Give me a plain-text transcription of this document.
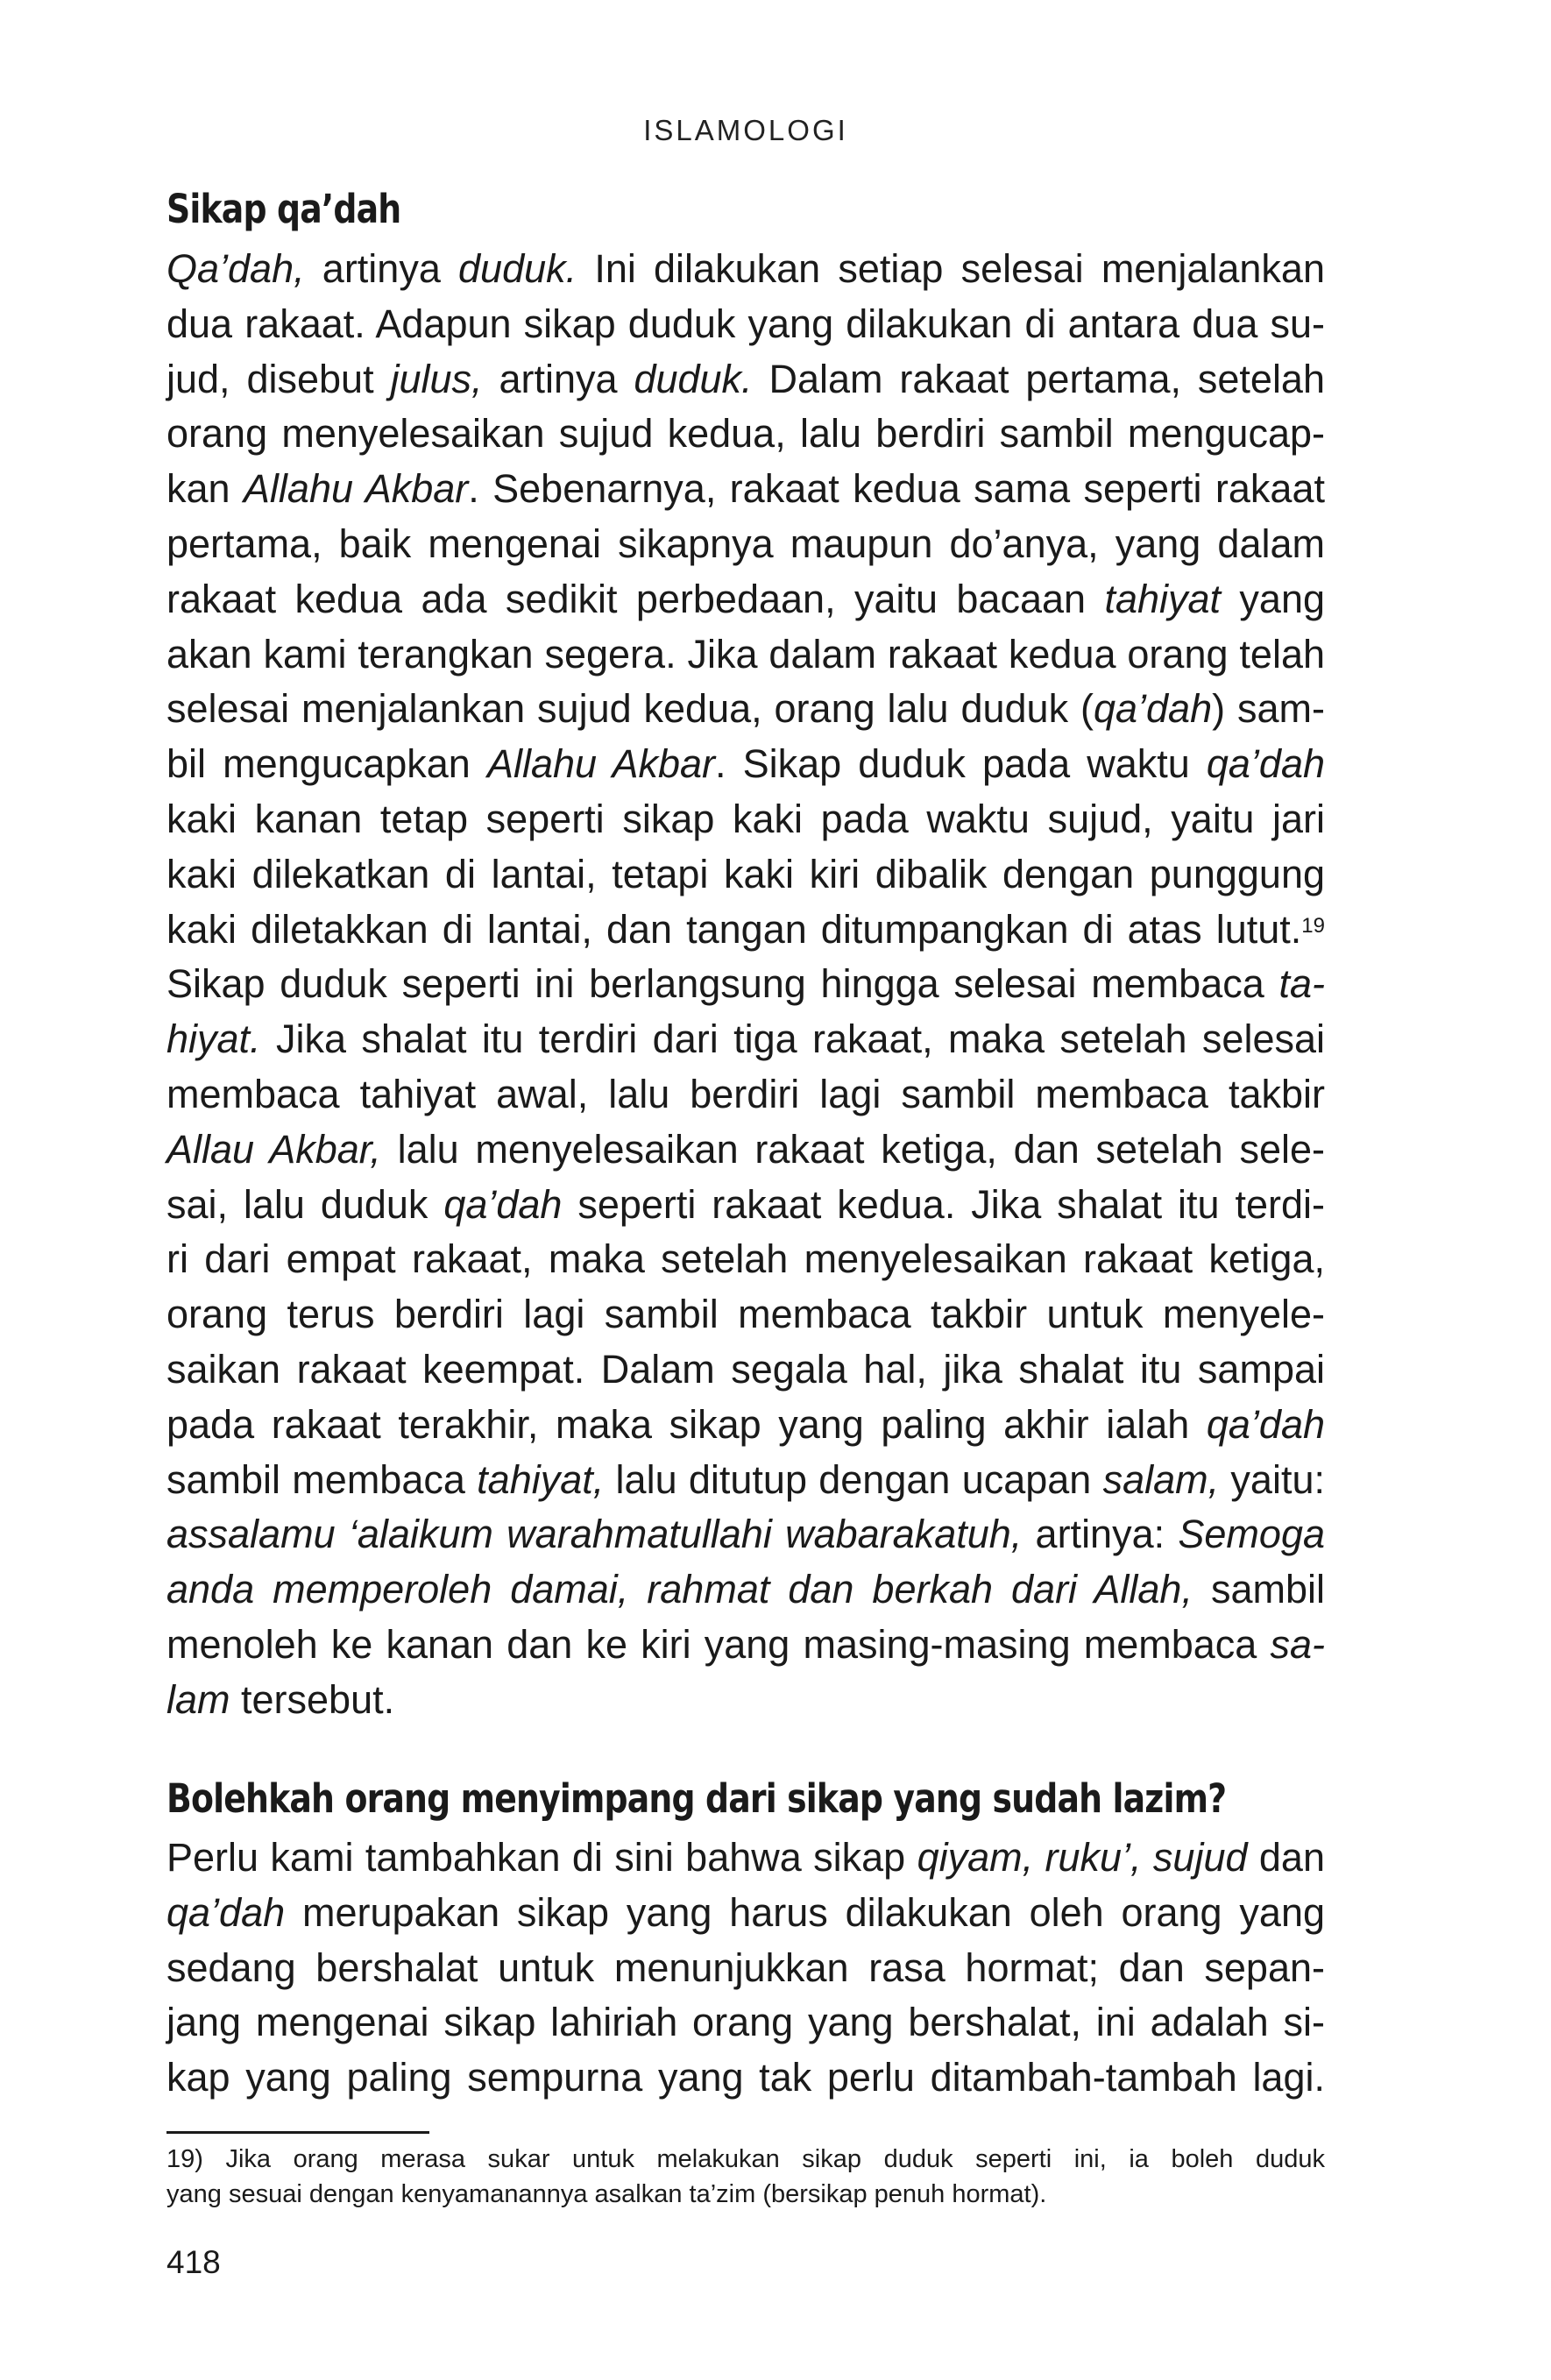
ISLAMOLOGI
Sikap qa’dah
Qa’dah, artinya duduk. Ini dilakukan setiap selesai menjalankan
dua rakaat. Adapun sikap duduk yang dilakukan di antara dua su-
jud, disebut julus, artinya duduk. Dalam rakaat pertama, setelah
orang menyelesaikan sujud kedua, lalu berdiri sambil mengucap-
kan Allahu Akbar. Sebenarnya, rakaat kedua sama seperti rakaat
pertama, baik mengenai sikapnya maupun do’anya, yang dalam
rakaat kedua ada sedikit perbedaan, yaitu bacaan tahiyat yang
akan kami terangkan segera. Jika dalam rakaat kedua orang telah
selesai menjalankan sujud kedua, orang lalu duduk (qa’dah) sam-
bil mengucapkan Allahu Akbar. Sikap duduk pada waktu qa’dah
kaki kanan tetap seperti sikap kaki pada waktu sujud, yaitu jari
kaki dilekatkan di lantai, tetapi kaki kiri dibalik dengan punggung
kaki diletakkan di lantai, dan tangan ditumpangkan di atas lutut.$^{19}$
Sikap duduk seperti ini berlangsung hingga selesai membaca ta-
hiyat. Jika shalat itu terdiri dari tiga rakaat, maka setelah selesai
membaca tahiyat awal, lalu berdiri lagi sambil membaca takbir
Allau Akbar, lalu menyelesaikan rakaat ketiga, dan setelah sele-
sai, lalu duduk qa’dah seperti rakaat kedua. Jika shalat itu terdi-
ri dari empat rakaat, maka setelah menyelesaikan rakaat ketiga,
orang terus berdiri lagi sambil membaca takbir untuk menyele-
saikan rakaat keempat. Dalam segala hal, jika shalat itu sampai
pada rakaat terakhir, maka sikap yang paling akhir ialah qa’dah
sambil membaca tahiyat, lalu ditutup dengan ucapan salam, yaitu:
assalamu ‘alaikum warahmatullahi wabarakatuh, artinya: Semoga
anda memperoleh damai, rahmat dan berkah dari Allah, sambil
menoleh ke kanan dan ke kiri yang masing-masing membaca sa-
lam tersebut.
Bolehkah orang menyimpang dari sikap yang sudah lazim?
Perlu kami tambahkan di sini bahwa sikap qiyam, ruku’, sujud dan
qa’dah merupakan sikap yang harus dilakukan oleh orang yang
sedang bershalat untuk menunjukkan rasa hormat; dan sepan-
jang mengenai sikap lahiriah orang yang bershalat, ini adalah si-
kap yang paling sempurna yang tak perlu ditambah-tambah lagi.
19) Jika orang merasa sukar untuk melakukan sikap duduk seperti ini, ia boleh duduk
yang sesuai dengan kenyamanannya asalkan ta’zim (bersikap penuh hormat).
418
